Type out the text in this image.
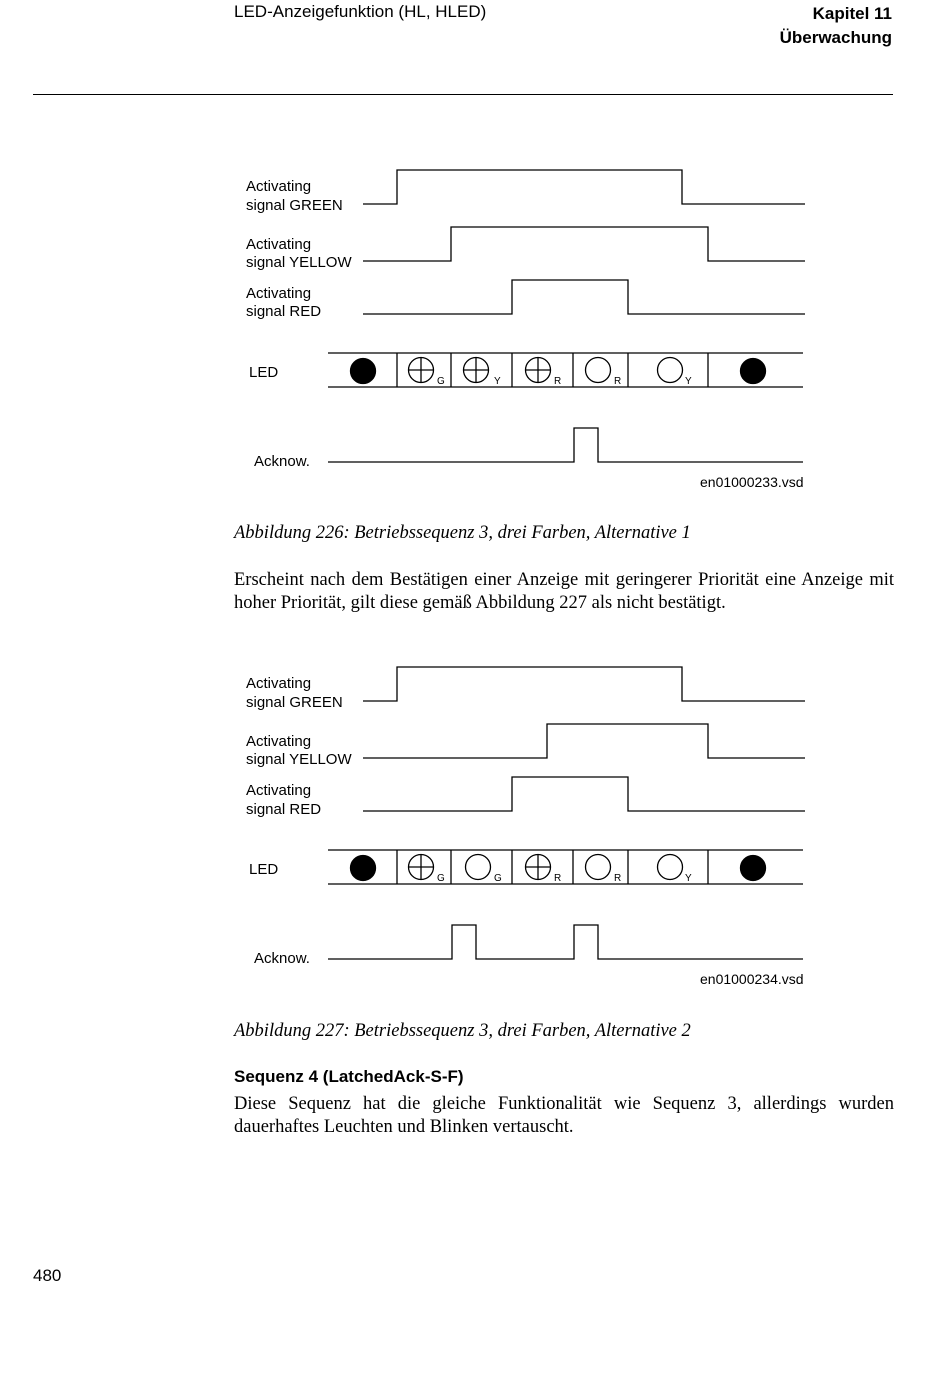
LED-Anzeigefunktion (HL, HLED)	Kapitel 11
Überwachung
Activating
signal GREEN
Activating
signal YELLOW
Activating
signal RED
LED
Acknow.
en01000233.vsd
G	Y	R	R	Y
Abbildung 226: Betriebssequenz 3, drei Farben, Alternative 1
Erscheint nach dem Bestätigen einer Anzeige mit geringerer Priorität eine Anzeige mit hoher Priorität, gilt diese gemäß Abbildung 227 als nicht bestätigt.
Activating
signal GREEN
Activating
signal YELLOW
Activating
signal RED
LED
Acknow.
en01000234.vsd
G	G	R	R	Y
Abbildung 227: Betriebssequenz 3, drei Farben, Alternative 2
Sequenz 4 (LatchedAck-S-F)
Diese Sequenz hat die gleiche Funktionalität wie Sequenz 3, allerdings wurden dauerhaftes Leuchten und Blinken vertauscht.
480
